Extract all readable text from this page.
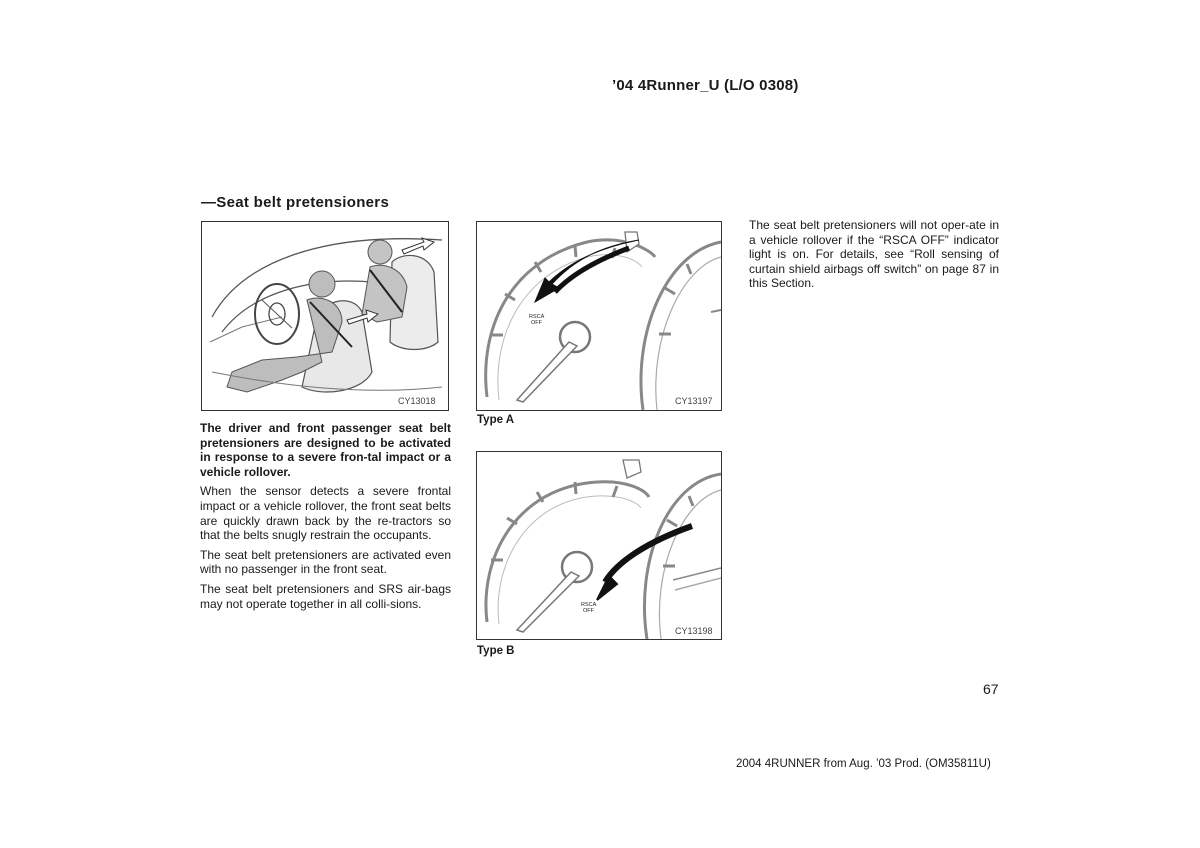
’04 4Runner_U (L/O 0308)
—Seat belt pretensioners
CY13018
RSCA
OFF
CY13197
Type A
RSCA
OFF
CY13198
Type B

The driver and front passenger seat belt pretensioners are designed to be activated in response to a severe fron-tal impact or a vehicle rollover.

When the sensor detects a severe frontal impact or a vehicle rollover, the front seat belts are quickly drawn back by the re-tractors so that the belts snugly restrain the occupants.

The seat belt pretensioners are activated even with no passenger in the front seat.

The seat belt pretensioners and SRS air-bags may not operate together in all colli-sions.

The seat belt pretensioners will not oper-ate in a vehicle rollover if the “RSCA OFF” indicator light is on. For details, see “Roll sensing of curtain shield airbags off switch” on page 87 in this Section.

67
2004 4RUNNER from Aug. ’03 Prod. (OM35811U)
